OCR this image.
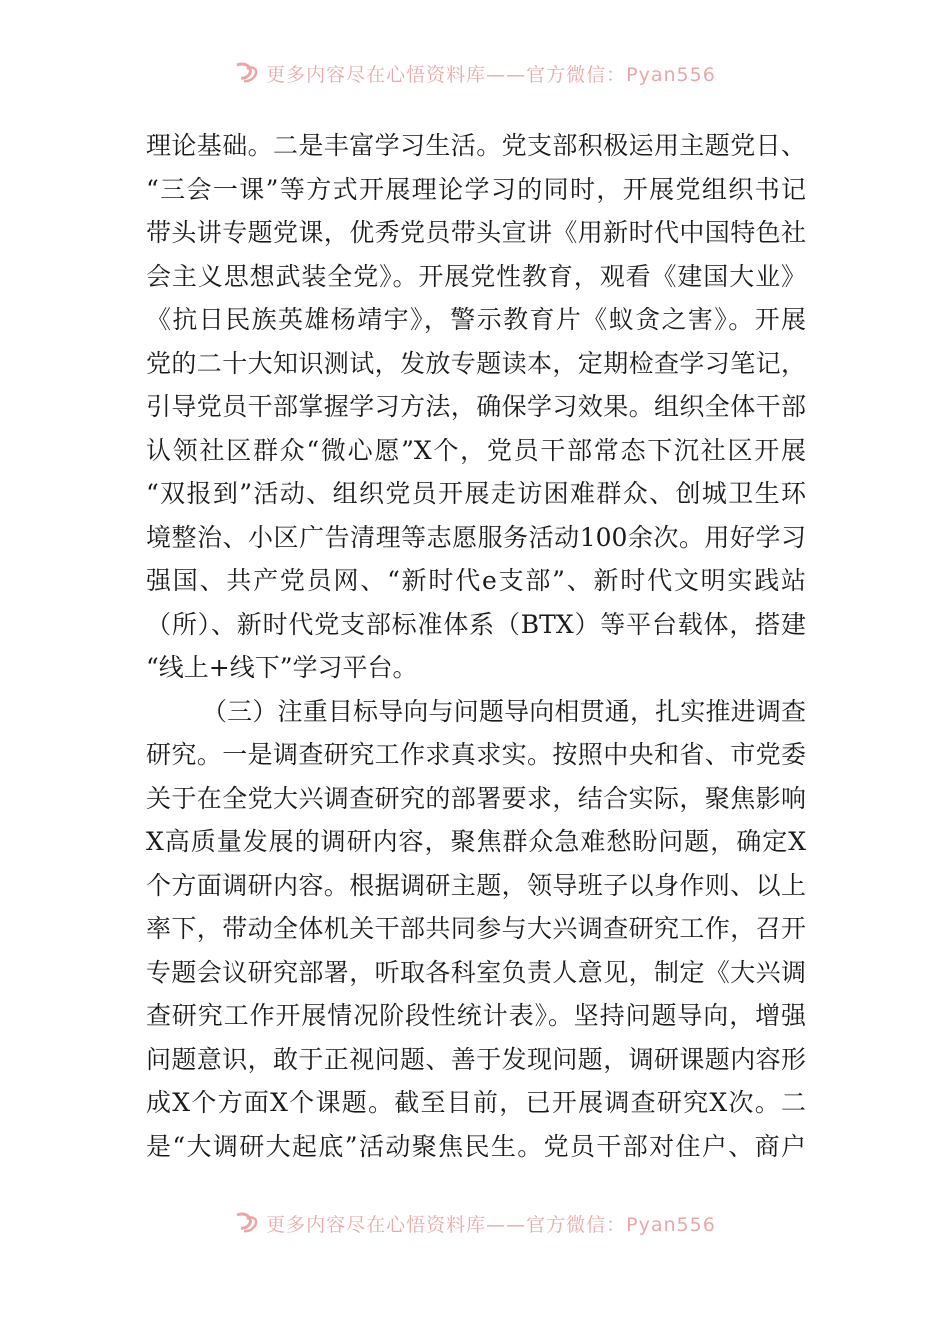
更多内容尽在心悟资料库——官方微信：Pyan556
理论基础。二是丰富学习生活。党支部积极运用主题党日、
“三会一课”等方式开展理论学习的同时，开展党组织书记
带头讲专题党课，优秀党员带头宣讲《用新时代中国特色社
会主义思想武装全党》。开展党性教育，观看《建国大业》
《抗日民族英雄杨靖宇》，警示教育片《蚁贪之害》。开展
党的二十大知识测试，发放专题读本，定期检查学习笔记，
引导党员干部掌握学习方法，确保学习效果。组织全体干部
认领社区群众“微心愿”X个，党员干部常态下沉社区开展
“双报到”活动、组织党员开展走访困难群众、创城卫生环
境整治、小区广告清理等志愿服务活动100余次。用好学习
强国、共产党员网、“新时代e支部”、新时代文明实践站
（所）、新时代党支部标准体系（BTX）等平台载体，搭建
“线上+线下”学习平台。
（三）注重目标导向与问题导向相贯通，扎实推进调查
研究。一是调查研究工作求真求实。按照中央和省、市党委
关于在全党大兴调查研究的部署要求，结合实际，聚焦影响
X高质量发展的调研内容，聚焦群众急难愁盼问题，确定X
个方面调研内容。根据调研主题，领导班子以身作则、以上
率下，带动全体机关干部共同参与大兴调查研究工作，召开
专题会议研究部署，听取各科室负责人意见，制定《大兴调
查研究工作开展情况阶段性统计表》。坚持问题导向，增强
问题意识，敢于正视问题、善于发现问题，调研课题内容形
成X个方面X个课题。截至目前，已开展调查研究X次。二
是“大调研大起底”活动聚焦民生。党员干部对住户、商户
更多内容尽在心悟资料库——官方微信：Pyan556
